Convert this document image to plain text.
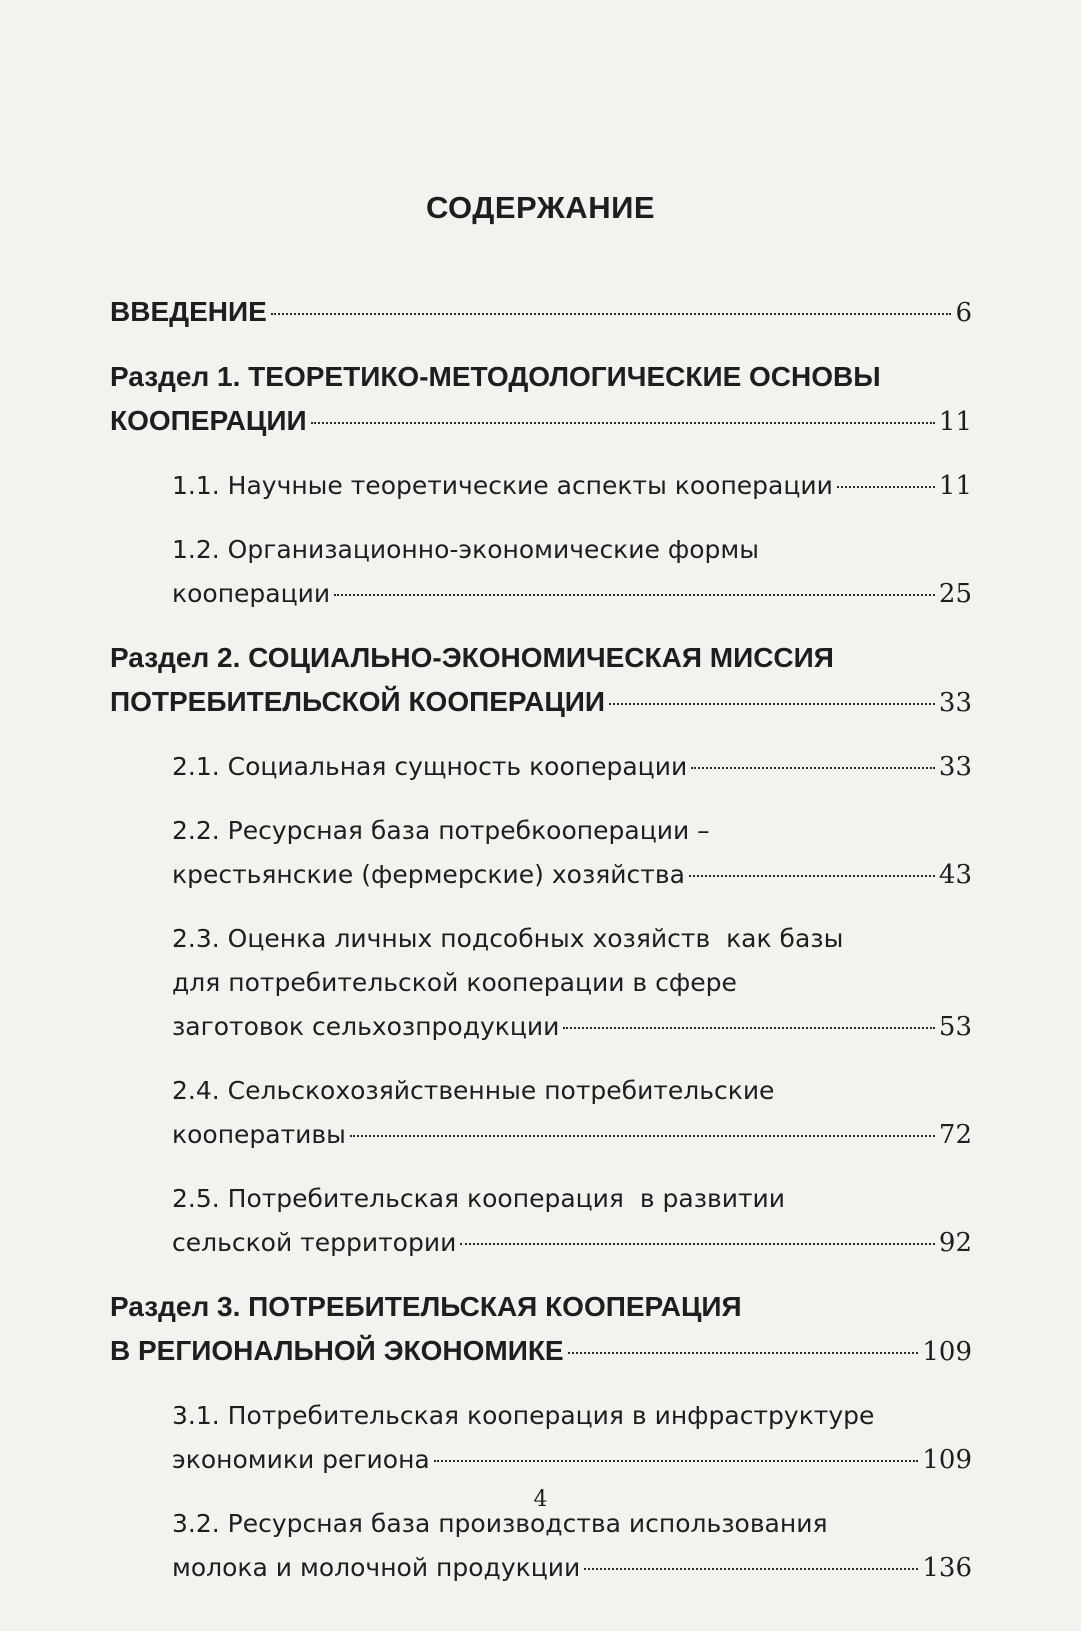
СОДЕРЖАНИЕ
ВВЕДЕНИЕ	6
Раздел 1. ТЕОРЕТИКО-МЕТОДОЛОГИЧЕСКИЕ ОСНОВЫ
КООПЕРАЦИИ	11
1.1. Научные теоретические аспекты кооперации	11
1.2. Организационно-экономические формы
кооперации	25
Раздел 2. СОЦИАЛЬНО-ЭКОНОМИЧЕСКАЯ МИССИЯ
ПОТРЕБИТЕЛЬСКОЙ КООПЕРАЦИИ	33
2.1. Социальная сущность кооперации	33
2.2. Ресурсная база потребкооперации –
крестьянские (фермерские) хозяйства	43
2.3. Оценка личных подсобных хозяйств  как базы
для потребительской кооперации в сфере
заготовок сельхозпродукции	53
2.4. Сельскохозяйственные потребительские
кооперативы	72
2.5. Потребительская кооперация  в развитии
сельской территории	92
Раздел 3. ПОТРЕБИТЕЛЬСКАЯ КООПЕРАЦИЯ
В РЕГИОНАЛЬНОЙ ЭКОНОМИКЕ	109
3.1. Потребительская кооперация в инфраструктуре
экономики региона	109
3.2. Ресурсная база производства использования
молока и молочной продукции	136
4
